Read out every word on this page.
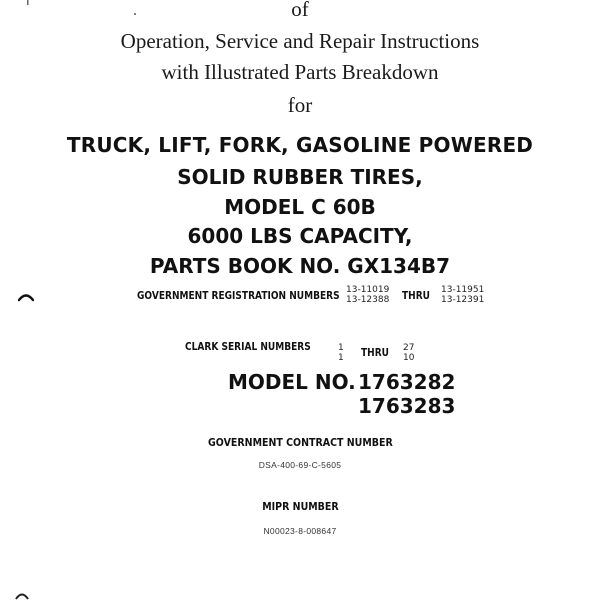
of
Operation, Service and Repair Instructions
with Illustrated Parts Breakdown
for
TRUCK, LIFT, FORK, GASOLINE POWERED
SOLID RUBBER TIRES,
MODEL C 60B
6000 LBS CAPACITY,
PARTS BOOK NO. GX134B7
GOVERNMENT REGISTRATION NUMBERS 13-11019
13-12388 THRU 13-11951
13-12391
CLARK SERIAL NUMBERS	1
1 THRU 27
10
MODEL NO. 1763282
1763283
GOVERNMENT CONTRACT NUMBER
DSA-400-69-C-5605
MIPR NUMBER
N00023-8-008647
